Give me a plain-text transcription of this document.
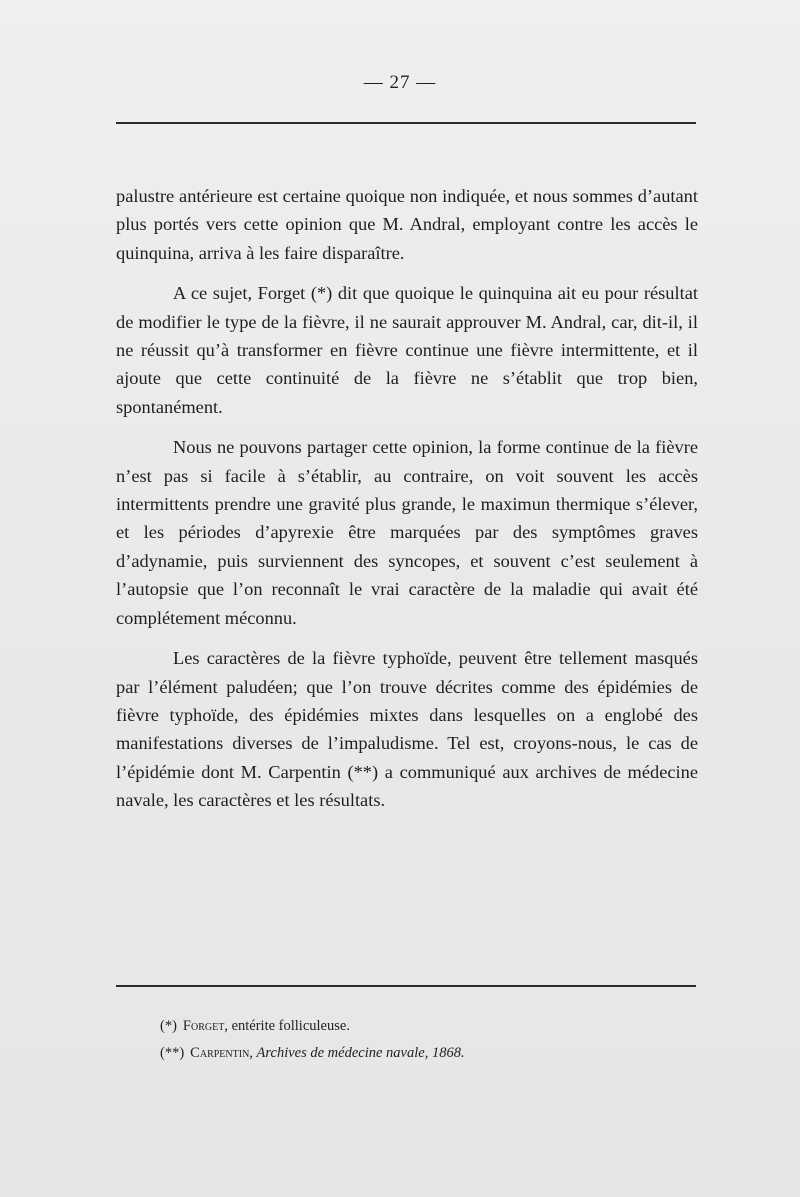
— 27 —

palustre antérieure est certaine quoique non indiquée, et nous sommes d’autant plus portés vers cette opinion que M. Andral, employant contre les accès le quinquina, arriva à les faire disparaître.

A ce sujet, Forget (*) dit que quoique le quinquina ait eu pour résultat de modifier le type de la fièvre, il ne saurait approuver M. Andral, car, dit-il, il ne réussit qu’à transformer en fièvre continue une fièvre intermittente, et il ajoute que cette continuité de la fièvre ne s’établit que trop bien, spontanément.

Nous ne pouvons partager cette opinion, la forme continue de la fièvre n’est pas si facile à s’établir, au contraire, on voit souvent les accès intermittents prendre une gravité plus grande, le maximun thermique s’élever, et les périodes d’apyrexie être marquées par des symptômes graves d’adynamie, puis surviennent des syncopes, et souvent c’est seulement à l’autopsie que l’on reconnaît le vrai caractère de la maladie qui avait été complétement méconnu.

Les caractères de la fièvre typhoïde, peuvent être tellement masqués par l’élément paludéen; que l’on trouve décrites comme des épidémies de fièvre typhoïde, des épidémies mixtes dans lesquelles on a englobé des manifestations diverses de l’impaludisme. Tel est, croyons-nous, le cas de l’épidémie dont M. Carpentin (**) a communiqué aux archives de médecine navale, les caractères et les résultats.

(*) Forget, entérite folliculeuse.
(**) Carpentin, Archives de médecine navale, 1868.
